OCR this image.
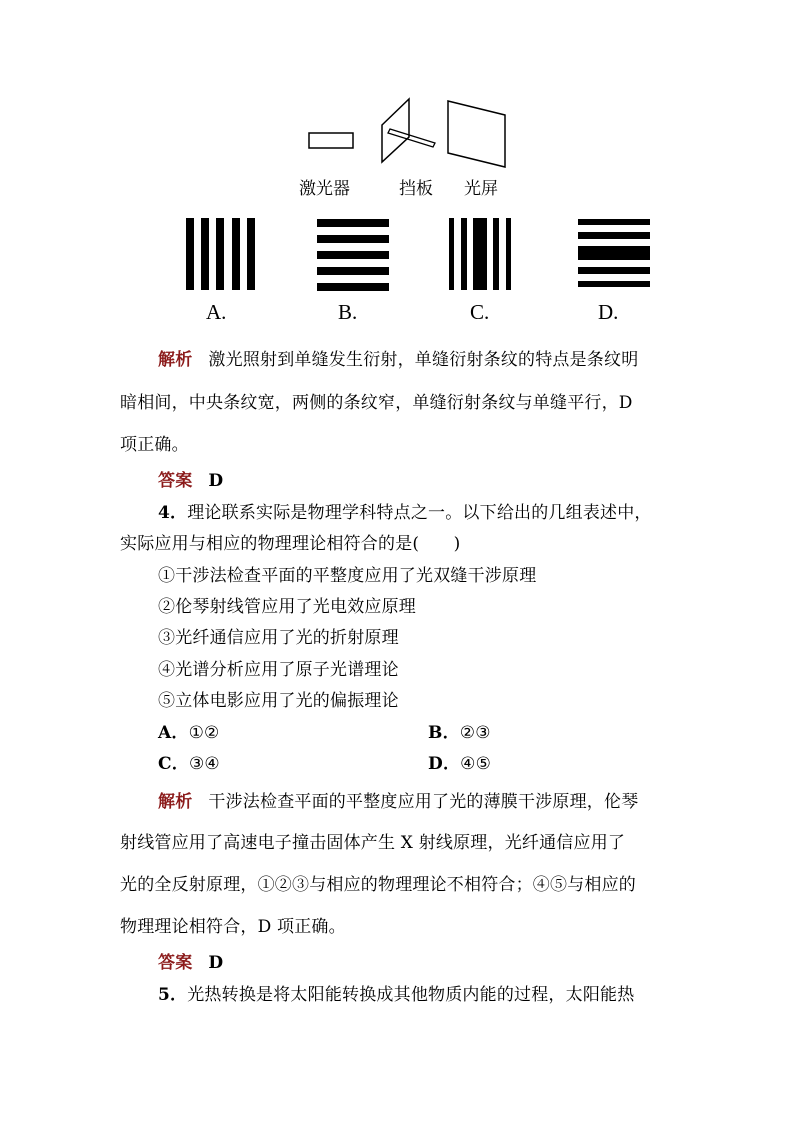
激光器	挡板 光屏
A.	B.	C.	D.
解析 激光照射到单缝发生衍射，单缝衍射条纹的特点是条纹明
暗相间，中央条纹宽，两侧的条纹窄，单缝衍射条纹与单缝平行，D
项正确。
答案 D
4．理论联系实际是物理学科特点之一。以下给出的几组表述中，
实际应用与相应的物理理论相符合的是(　　)
①干涉法检查平面的平整度应用了光双缝干涉原理
②伦琴射线管应用了光电效应原理
③光纤通信应用了光的折射原理
④光谱分析应用了原子光谱理论
⑤立体电影应用了光的偏振理论
A．①②	B．②③
C．③④	D．④⑤
解析 干涉法检查平面的平整度应用了光的薄膜干涉原理，伦琴
射线管应用了高速电子撞击固体产生 X 射线原理，光纤通信应用了
光的全反射原理，①②③与相应的物理理论不相符合；④⑤与相应的
物理理论相符合，D 项正确。
答案 D
5．光热转换是将太阳能转换成其他物质内能的过程，太阳能热
